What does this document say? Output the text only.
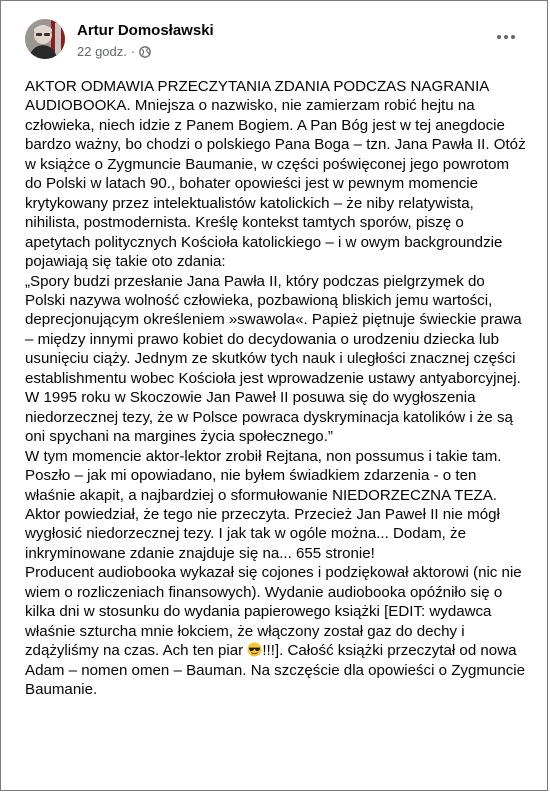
Artur Domosławski
22 godz. ·

AKTOR ODMAWIA PRZECZYTANIA ZDANIA PODCZAS NAGRANIA AUDIOBOOKA. Mniejsza o nazwisko, nie zamierzam robić hejtu na człowieka, niech idzie z Panem Bogiem. A Pan Bóg jest w tej anegdocie bardzo ważny, bo chodzi o polskiego Pana Boga – tzn. Jana Pawła II. Otóż w książce o Zygmuncie Baumanie, w części poświęconej jego powrotom do Polski w latach 90., bohater opowieści jest w pewnym momencie krytykowany przez intelektualistów katolickich – że niby relatywista, nihilista, postmodernista. Kreślę kontekst tamtych sporów, piszę o apetytach politycznych Kościoła katolickiego – i w owym backgroundzie pojawiają się takie oto zdania:

„Spory budzi przesłanie Jana Pawła II, który podczas pielgrzymek do Polski nazywa wolność człowieka, pozbawioną bliskich jemu wartości, deprecjonującym określeniem »swawola«. Papież piętnuje świeckie prawa – między innymi prawo kobiet do decydowania o urodzeniu dziecka lub usunięciu ciąży. Jednym ze skutków tych nauk i uległości znacznej części establishmentu wobec Kościoła jest wprowadzenie ustawy antyaborcyjnej. W 1995 roku w Skoczowie Jan Paweł II posuwa się do wygłoszenia niedorzecznej tezy, że w Polsce powraca dyskryminacja katolików i że są oni spychani na margines życia społecznego.”

W tym momencie aktor-lektor zrobił Rejtana, non possumus i takie tam. Poszło – jak mi opowiadano, nie byłem świadkiem zdarzenia - o ten właśnie akapit, a najbardziej o sformułowanie NIEDORZECZNA TEZA. Aktor powiedział, że tego nie przeczyta. Przecież Jan Paweł II nie mógł wygłosić niedorzecznej tezy. I jak tak w ogóle można... Dodam, że inkryminowane zdanie znajduje się na... 655 stronie!

Producent audiobooka wykazał się cojones i podziękował aktorowi (nic nie wiem o rozliczeniach finansowych). Wydanie audiobooka opóźniło się o kilka dni w stosunku do wydania papierowego książki [EDIT: wydawca właśnie szturcha mnie łokciem, że włączony został gaz do dechy i zdążyliśmy na czas. Ach ten piar !!!]. Całość książki przeczytał od nowa Adam – nomen omen – Bauman. Na szczęście dla opowieści o Zygmuncie Baumanie.
